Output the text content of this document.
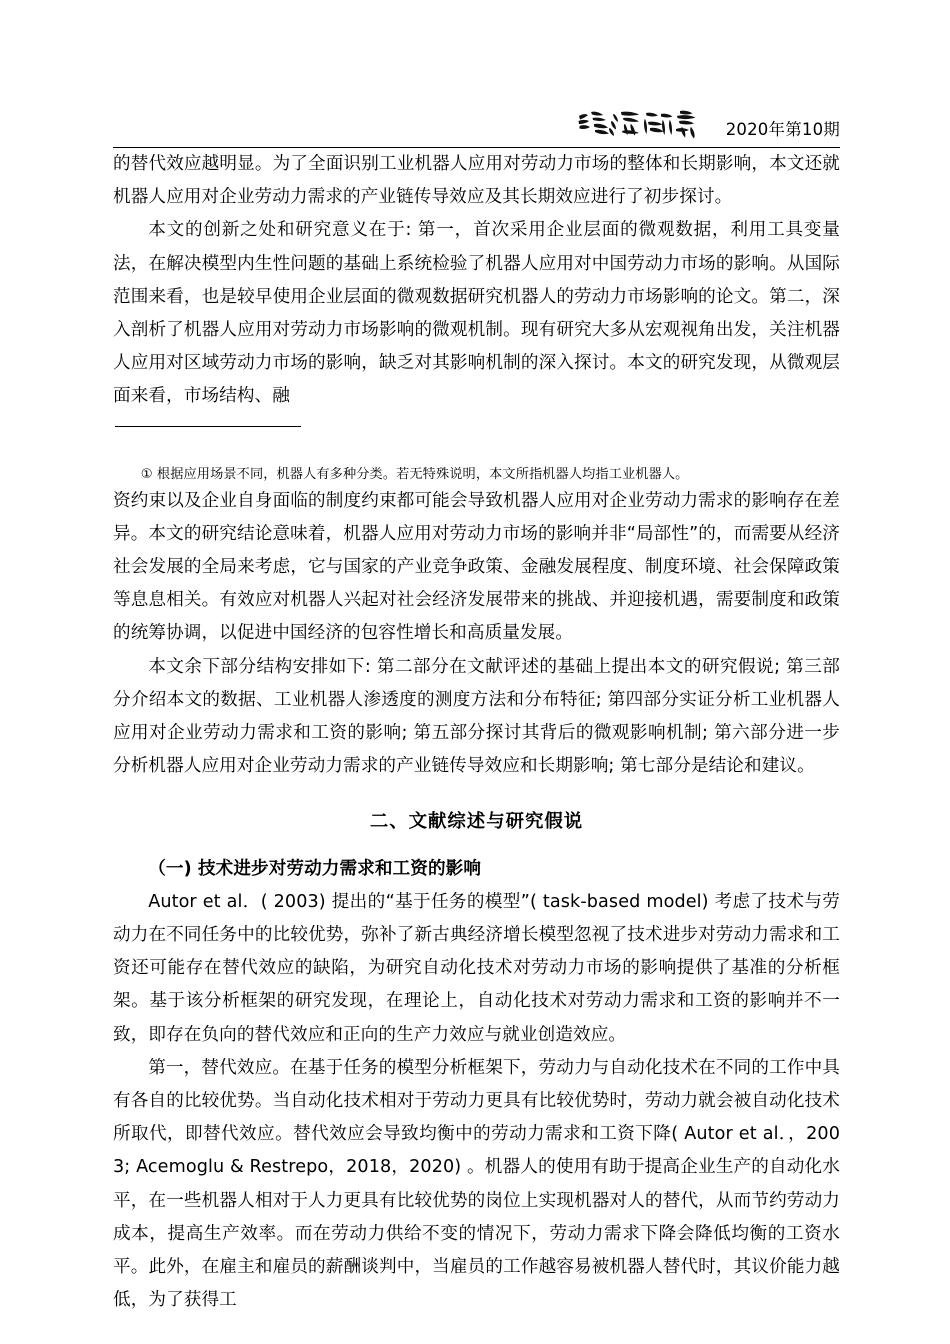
2020年第10期

的替代效应越明显。为了全面识别工业机器人应用对劳动力市场的整体和长期影响，本文还就机器人应用对企业劳动力需求的产业链传导效应及其长期效应进行了初步探讨。

本文的创新之处和研究意义在于: 第一，首次采用企业层面的微观数据，利用工具变量法，在解决模型内生性问题的基础上系统检验了机器人应用对中国劳动力市场的影响。从国际范围来看，也是较早使用企业层面的微观数据研究机器人的劳动力市场影响的论文。第二，深入剖析了机器人应用对劳动力市场影响的微观机制。现有研究大多从宏观视角出发，关注机器人应用对区域劳动力市场的影响，缺乏对其影响机制的深入探讨。本文的研究发现，从微观层面来看，市场结构、融

① 根据应用场景不同，机器人有多种分类。若无特殊说明，本文所指机器人均指工业机器人。

资约束以及企业自身面临的制度约束都可能会导致机器人应用对企业劳动力需求的影响存在差异。本文的研究结论意味着，机器人应用对劳动力市场的影响并非“局部性”的，而需要从经济社会发展的全局来考虑，它与国家的产业竞争政策、金融发展程度、制度环境、社会保障政策等息息相关。有效应对机器人兴起对社会经济发展带来的挑战、并迎接机遇，需要制度和政策的统筹协调，以促进中国经济的包容性增长和高质量发展。

本文余下部分结构安排如下: 第二部分在文献评述的基础上提出本文的研究假说; 第三部分介绍本文的数据、工业机器人渗透度的测度方法和分布特征; 第四部分实证分析工业机器人应用对企业劳动力需求和工资的影响; 第五部分探讨其背后的微观影响机制; 第六部分进一步分析机器人应用对企业劳动力需求的产业链传导效应和长期影响; 第七部分是结论和建议。

二、文献综述与研究假说
（一) 技术进步对劳动力需求和工资的影响

Autor et al．( 2003) 提出的“基于任务的模型”( task-based model) 考虑了技术与劳动力在不同任务中的比较优势，弥补了新古典经济增长模型忽视了技术进步对劳动力需求和工资还可能存在替代效应的缺陷，为研究自动化技术对劳动力市场的影响提供了基准的分析框架。基于该分析框架的研究发现，在理论上，自动化技术对劳动力需求和工资的影响并不一致，即存在负向的替代效应和正向的生产力效应与就业创造效应。

第一，替代效应。在基于任务的模型分析框架下，劳动力与自动化技术在不同的工作中具有各自的比较优势。当自动化技术相对于劳动力更具有比较优势时，劳动力就会被自动化技术所取代，即替代效应。替代效应会导致均衡中的劳动力需求和工资下降( Autor et al．，2003; Acemoglu & Restrepo，2018，2020) 。机器人的使用有助于提高企业生产的自动化水平，在一些机器人相对于人力更具有比较优势的岗位上实现机器对人的替代，从而节约劳动力成本，提高生产效率。而在劳动力供给不变的情况下，劳动力需求下降会降低均衡的工资水平。此外，在雇主和雇员的薪酬谈判中，当雇员的工作越容易被机器人替代时，其议价能力越低，为了获得工
